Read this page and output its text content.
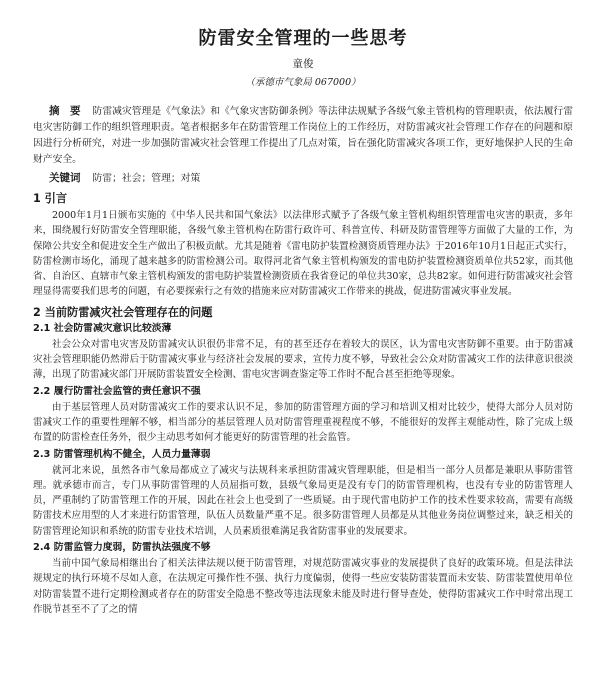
防雷安全管理的一些思考
童俊
（承德市气象局 067000）
摘　要 防雷减灾管理是《气象法》和《气象灾害防御条例》等法律法规赋予各级气象主管机构的管理职责，依法履行雷电灾害防御工作的组织管理职责。笔者根据多年在防雷管理工作岗位上的工作经历，对防雷减灾社会管理工作存在的问题和原因进行分析研究，对进一步加强防雷减灾社会管理工作提出了几点对策，旨在强化防雷减灾各项工作，更好地保护人民的生命财产安全。
关键词 防雷；社会；管理；对策
1 引言

2000年1月1日颁布实施的《中华人民共和国气象法》以法律形式赋予了各级气象主管机构组织管理雷电灾害的职责，多年来，围绕履行好防雷安全管理职能，各级气象主管机构在防雷行政许可、科普宣传、科研及防雷管理等方面做了大量的工作，为保障公共安全和促进安全生产做出了积极贡献。尤其是随着《雷电防护装置检测资质管理办法》于2016年10月1日起正式实行，防雷检测市场化，涌现了越来越多的防雷检测公司。取得河北省气象主管机构颁发的雷电防护装置检测资质单位共52家，而其他省、自治区、直辖市气象主管机构颁发的雷电防护装置检测资质在我省登记的单位共30家，总共82家。如何进行防雷减灾社会管理显得需要我们思考的问题，有必要探索行之有效的措施来应对防雷减灾工作带来的挑战，促进防雷减灾事业发展。

2 当前防雷减灾社会管理存在的问题
2.1 社会防雷减灾意识比较淡薄

社会公众对雷电灾害及防雷减灾认识很仍非常不足，有的甚至还存在着较大的误区，认为雷电灾害防御不重要。由于防雷减灾社会管理职能仍然滞后于防雷减灾事业与经济社会发展的要求，宣传力度不够，导致社会公众对防雷减灾工作的法律意识很淡薄，出现了防雷减灾部门开展防雷装置安全检测、雷电灾害调查鉴定等工作时不配合甚至拒绝等现象。

2.2 履行防雷社会监管的责任意识不强

由于基层管理人员对防雷减灾工作的要求认识不足，参加的防雷管理方面的学习和培训又相对比较少，使得大部分人员对防雷减灾工作的重要性理解不够，相当部分的基层管理人员对防雷管理重视程度不够，不能很好的发挥主观能动性，除了完成上级布置的防雷检查任务外，很少主动思考如何才能更好的防雷管理的社会监管。

2.3 防雷管理机构不健全，人员力量薄弱

就河北来说，虽然各市气象局都成立了减灾与法规科来承担防雷减灾管理职能，但是相当一部分人员都是兼职从事防雷管理。就承德市而言，专门从事防雷管理的人员屈指可数，县级气象局更是没有专门的防雷管理机构，也没有专业的防雷管理人员，严重制约了防雷管理工作的开展，因此在社会上也受到了一些质疑。由于现代雷电防护工作的技术性要求较高，需要有高级防雷技术应用型的人才来进行防雷管理，队伍人员数量严重不足。很多防雷管理人员都是从其他业务岗位调整过来，缺乏相关的防雷管理论知识和系统的防雷专业技术培训，人员素质很难满足我省防雷事业的发展要求。

2.4 防雷监管力度弱，防雷执法强度不够

当前中国气象局相继出台了相关法律法规以便于防雷管理，对规范防雷减灾事业的发展提供了良好的政策环境。但是法律法规规定的执行环境不尽如人意，在法规定可操作性不强、执行力度偏弱，使得一些应安装防雷装置而未安装、防雷装置使用单位对防雷装置不进行定期检测或者存在的防雷安全隐患不整改等违法现象未能及时进行督导查处，使得防雷减灾工作中时常出现工作脱节甚至不了了之的情
